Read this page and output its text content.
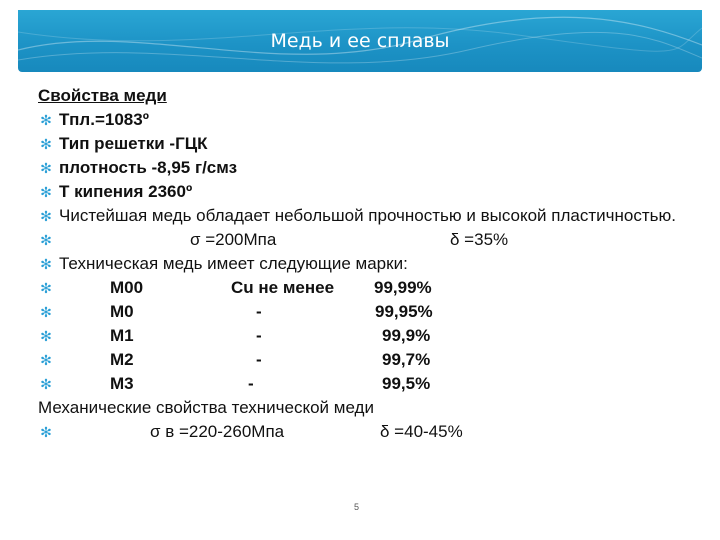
Медь и ее сплавы
Свойства меди
✻ Тпл.=1083º
✻ Тип решетки -ГЦК
✻ плотность -8,95 г/смз
✻ Т кипения 2360º
✻ Чистейшая медь обладает небольшой прочностью и высокой пластичностью.
✻	σ =200Мпа	δ =35%
✻ Техническая медь имеет следующие марки:
✻	М00	Cu не менее 99,99%
✻	М0	-	99,95%
✻	М1	-	99,9%
✻	М2	-	99,7%
✻	М3	-	99,5%
Механические свойства технической меди
✻	σ в =220-260Мпа	δ =40-45%
5
